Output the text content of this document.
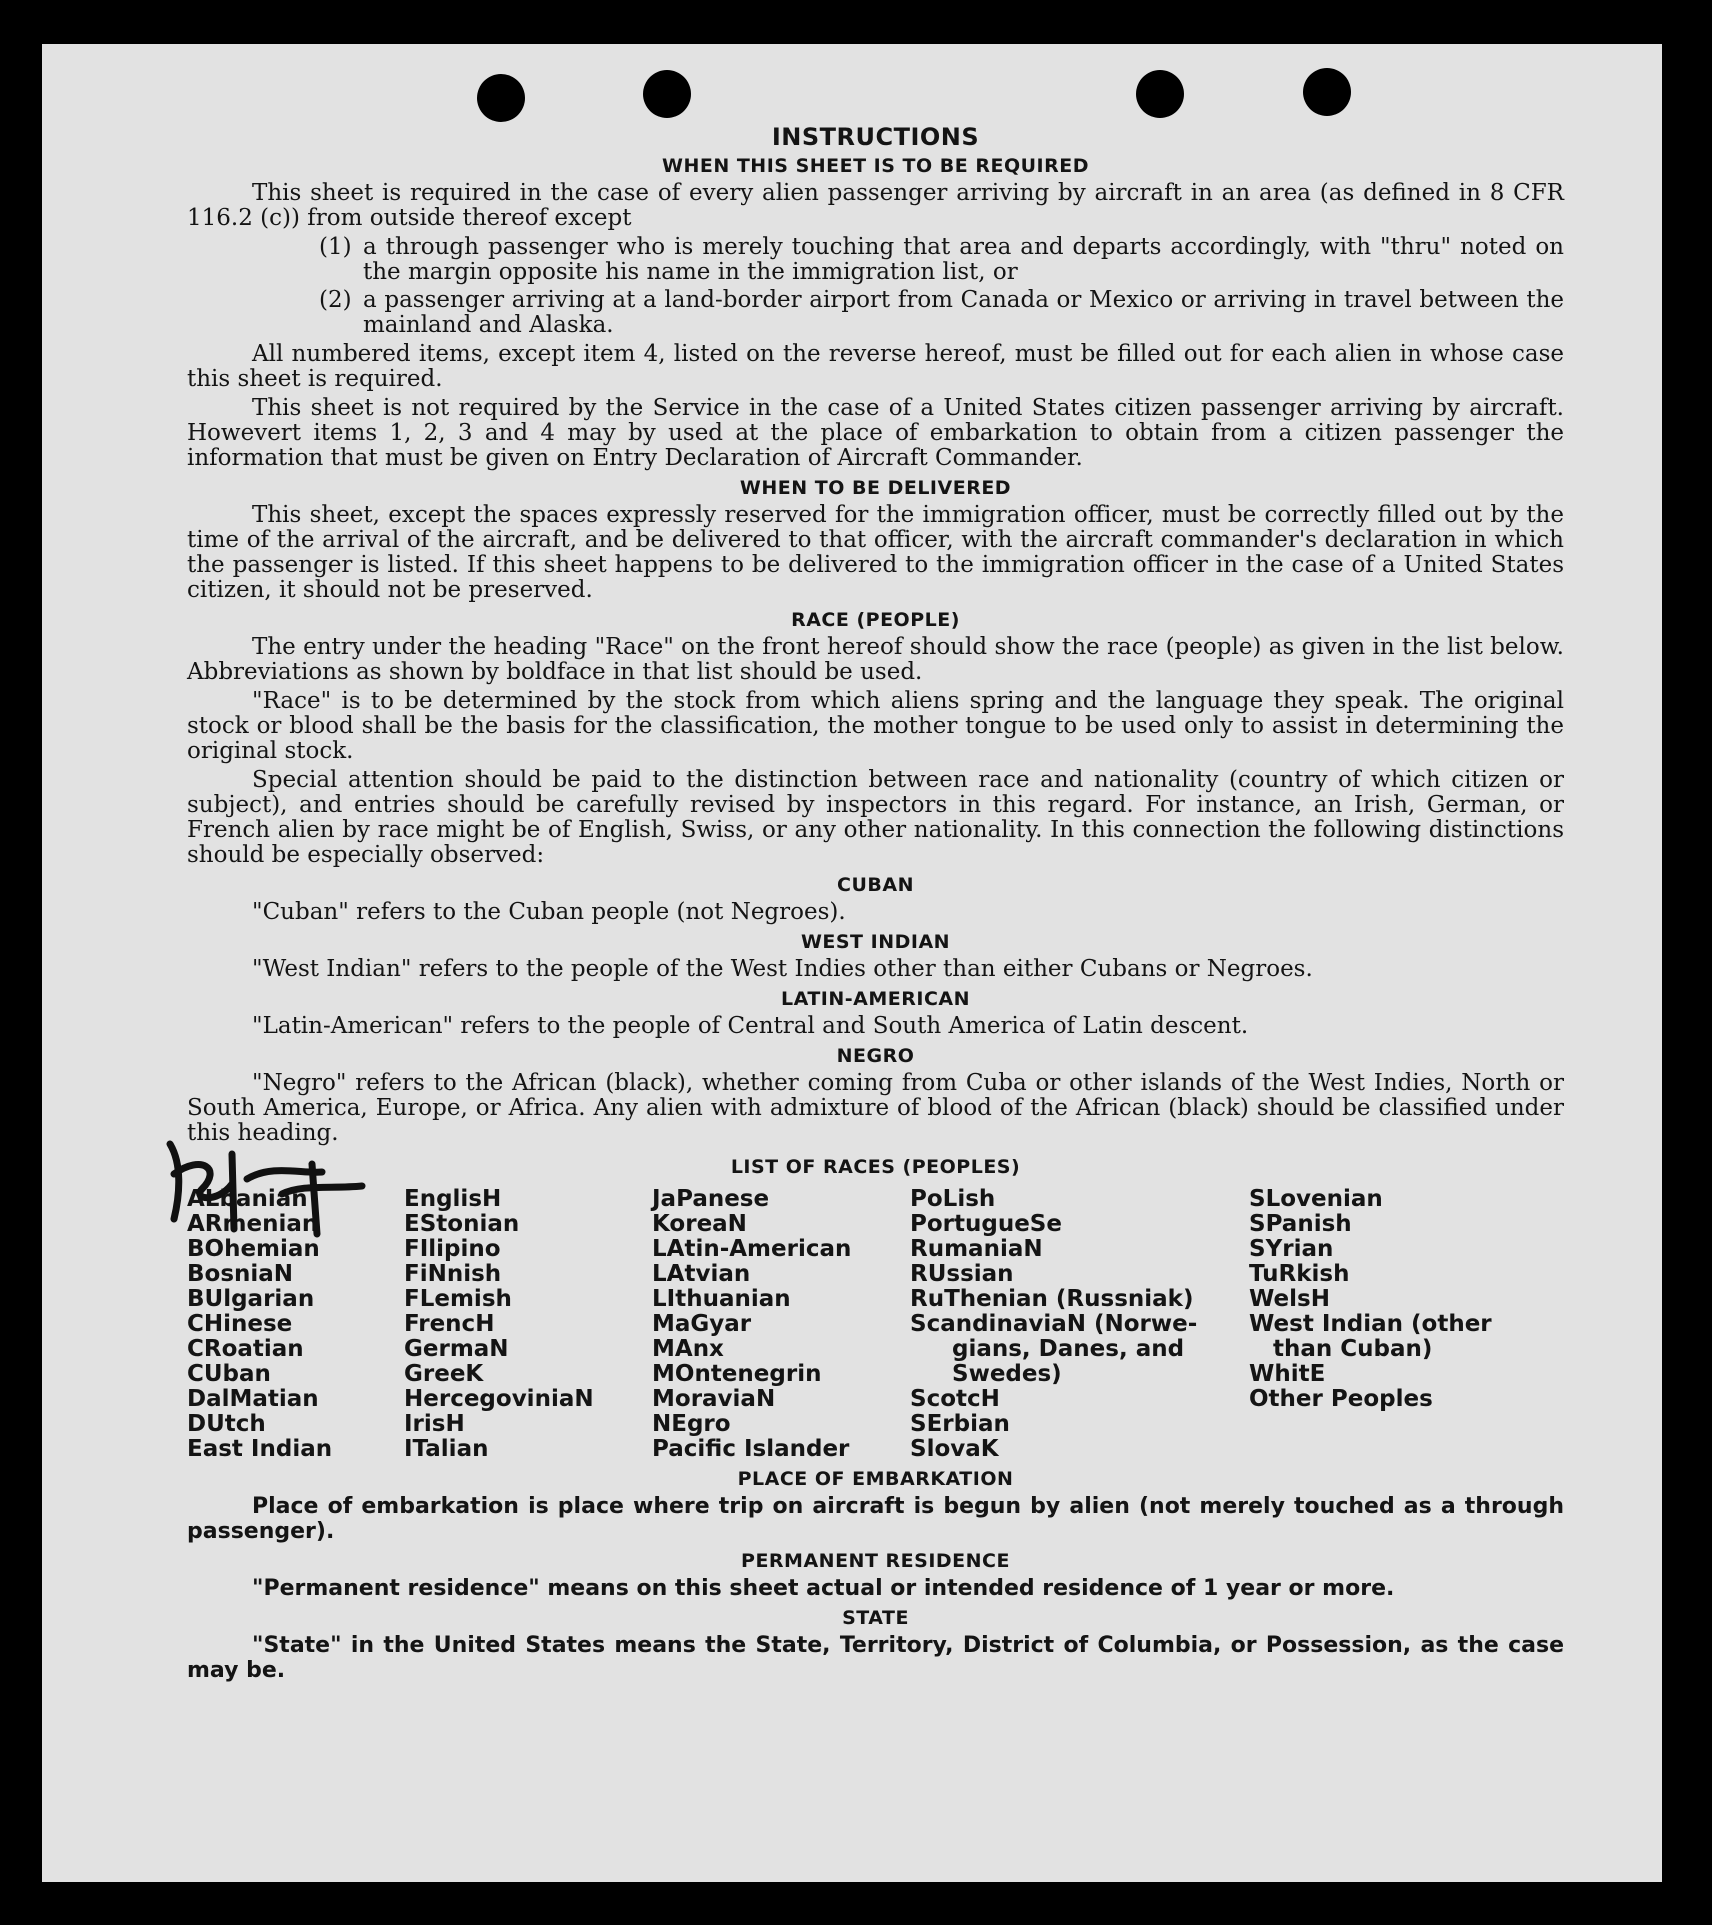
INSTRUCTIONS
WHEN THIS SHEET IS TO BE REQUIRED

This sheet is required in the case of every alien passenger arriving by aircraft in an area (as defined in 8 CFR 116.2 (c)) from outside thereof except

(1) a through passenger who is merely touching that area and departs accordingly, with "thru" noted on the margin opposite his name in the immigration list, or
(2) a passenger arriving at a land-border airport from Canada or Mexico or arriving in travel between the mainland and Alaska.

All numbered items, except item 4, listed on the reverse hereof, must be filled out for each alien in whose case this sheet is required.

This sheet is not required by the Service in the case of a United States citizen passenger arriving by aircraft. Howevert items 1, 2, 3 and 4 may by used at the place of embarkation to obtain from a citizen passenger the information that must be given on Entry Declaration of Aircraft Commander.

WHEN TO BE DELIVERED

This sheet, except the spaces expressly reserved for the immigration officer, must be correctly filled out by the time of the arrival of the aircraft, and be delivered to that officer, with the aircraft commander's declaration in which the passenger is listed. If this sheet happens to be delivered to the immigration officer in the case of a United States citizen, it should not be preserved.

RACE (PEOPLE)

The entry under the heading "Race" on the front hereof should show the race (people) as given in the list below. Abbreviations as shown by boldface in that list should be used.

"Race" is to be determined by the stock from which aliens spring and the language they speak. The original stock or blood shall be the basis for the classification, the mother tongue to be used only to assist in determining the original stock.

Special attention should be paid to the distinction between race and nationality (country of which citizen or subject), and entries should be carefully revised by inspectors in this regard. For instance, an Irish, German, or French alien by race might be of English, Swiss, or any other nationality. In this connection the following distinctions should be especially observed:

CUBAN

"Cuban" refers to the Cuban people (not Negroes).

WEST INDIAN

"West Indian" refers to the people of the West Indies other than either Cubans or Negroes.

LATIN-AMERICAN

"Latin-American" refers to the people of Central and South America of Latin descent.

NEGRO

"Negro" refers to the African (black), whether coming from Cuba or other islands of the West Indies, North or South America, Europe, or Africa. Any alien with admixture of blood of the African (black) should be classified under this heading.

LIST OF RACES (PEOPLES)
ALbanian
ARmenian
BOhemian
BosniaN
BUlgarian
CHinese
CRoatian
CUban
DalMatian
DUtch
East Indian
EnglisH
EStonian
FIlipino
FiNnish
FLemish
FrencH
GermaN
GreeK
HercegoviniaN
IrisH
ITalian
JaPanese
KoreaN
LAtin-American
LAtvian
LIthuanian
MaGyar
MAnx
MOntenegrin
MoraviaN
NEgro
Pacific Islander
PoLish
PortugueSe
RumaniaN
RUssian
RuThenian (Russniak)
ScandinaviaN (Norwe-
gians, Danes, and
Swedes)
ScotcH
SErbian
SlovaK
SLovenian
SPanish
SYrian
TuRkish
WelsH
West Indian (other
than Cuban)
WhitE
Other Peoples
PLACE OF EMBARKATION

Place of embarkation is place where trip on aircraft is begun by alien (not merely touched as a through passenger).

PERMANENT RESIDENCE

"Permanent residence" means on this sheet actual or intended residence of 1 year or more.

STATE

"State" in the United States means the State, Territory, District of Columbia, or Possession, as the case may be.
